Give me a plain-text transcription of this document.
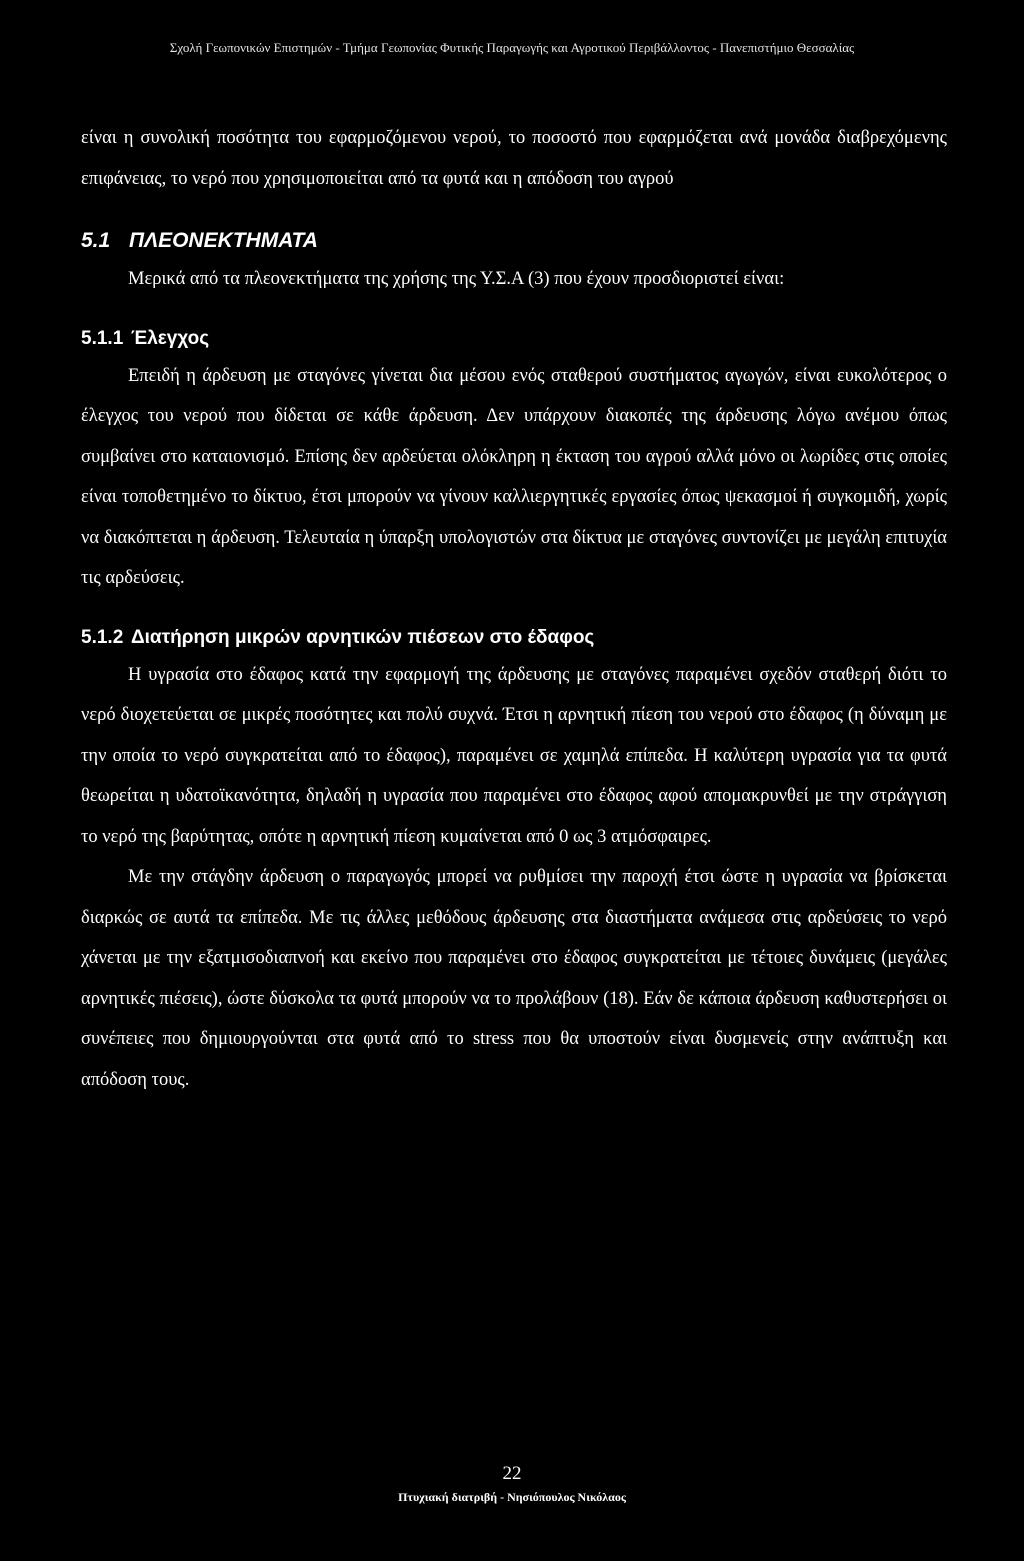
Σχολή Γεωπονικών Επιστημών - Τμήμα Γεωπονίας Φυτικής Παραγωγής και Αγροτικού Περιβάλλοντος - Πανεπιστήμιο Θεσσαλίας

είναι η συνολική ποσότητα του εφαρμοζόμενου νερού, το ποσοστό που εφαρμόζεται ανά μονάδα διαβρεχόμενης επιφάνειας, το νερό που χρησιμοποιείται από τα φυτά και η απόδοση του αγρού

5.1 ΠΛΕΟΝΕΚΤΗΜΑΤΑ

Μερικά από τα πλεονεκτήματα της χρήσης της Υ.Σ.Α (3) που έχουν προσδιοριστεί είναι:

5.1.1 Έλεγχος

Επειδή η άρδευση με σταγόνες γίνεται δια μέσου ενός σταθερού συστήματος αγωγών, είναι ευκολότερος ο έλεγχος του νερού που δίδεται σε κάθε άρδευση. Δεν υπάρχουν διακοπές της άρδευσης λόγω ανέμου όπως συμβαίνει στο καταιονισμό. Επίσης δεν αρδεύεται ολόκληρη η έκταση του αγρού αλλά μόνο οι λωρίδες στις οποίες είναι τοποθετημένο το δίκτυο, έτσι μπορούν να γίνουν καλλιεργητικές εργασίες όπως ψεκασμοί ή συγκομιδή, χωρίς να διακόπτεται η άρδευση. Τελευταία η ύπαρξη υπολογιστών στα δίκτυα με σταγόνες συντονίζει με μεγάλη επιτυχία τις αρδεύσεις.

5.1.2 Διατήρηση μικρών αρνητικών πιέσεων στο έδαφος

Η υγρασία στο έδαφος κατά την εφαρμογή της άρδευσης με σταγόνες παραμένει σχεδόν σταθερή διότι το νερό διοχετεύεται σε μικρές ποσότητες και πολύ συχνά. Έτσι η αρνητική πίεση του νερού στο έδαφος (η δύναμη με την οποία το νερό συγκρατείται από το έδαφος), παραμένει σε χαμηλά επίπεδα. Η καλύτερη υγρασία για τα φυτά θεωρείται η υδατοϊκανότητα, δηλαδή η υγρασία που παραμένει στο έδαφος αφού απομακρυνθεί με την στράγγιση το νερό της βαρύτητας, οπότε η αρνητική πίεση κυμαίνεται από 0 ως 3 ατμόσφαιρες.

Με την στάγδην άρδευση ο παραγωγός μπορεί να ρυθμίσει την παροχή έτσι ώστε η υγρασία να βρίσκεται διαρκώς σε αυτά τα επίπεδα. Με τις άλλες μεθόδους άρδευσης στα διαστήματα ανάμεσα στις αρδεύσεις το νερό χάνεται με την εξατμισοδιαπνοή και εκείνο που παραμένει στο έδαφος συγκρατείται με τέτοιες δυνάμεις (μεγάλες αρνητικές πιέσεις), ώστε δύσκολα τα φυτά μπορούν να το προλάβουν (18). Εάν δε κάποια άρδευση καθυστερήσει οι συνέπειες που δημιουργούνται στα φυτά από το stress που θα υποστούν είναι δυσμενείς στην ανάπτυξη και απόδοση τους.

22
Πτυχιακή διατριβή - Νησιόπουλος Νικόλαος
